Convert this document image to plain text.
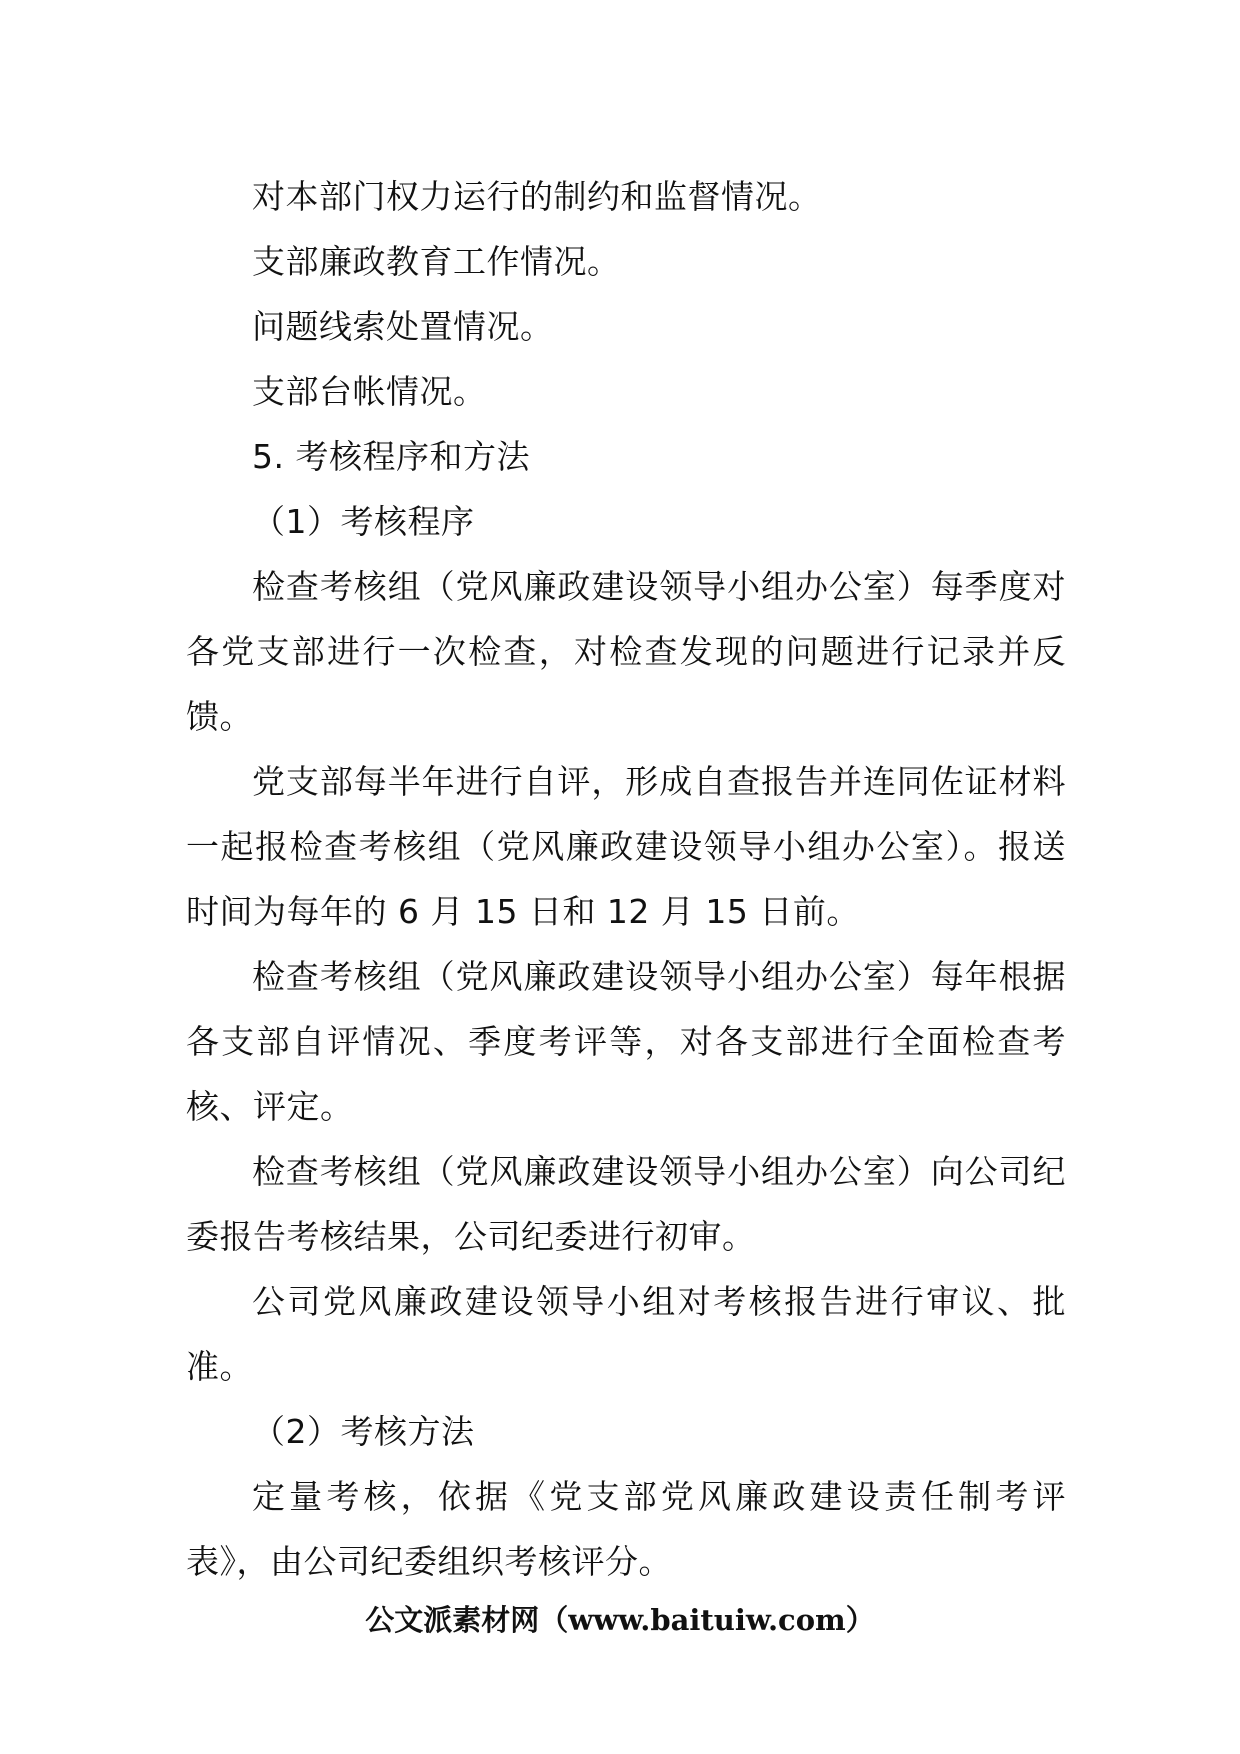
对本部门权力运行的制约和监督情况。

支部廉政教育工作情况。

问题线索处置情况。

支部台帐情况。

5. 考核程序和方法

（1）考核程序

检查考核组（党风廉政建设领导小组办公室）每季度对各党支部进行一次检查，对检查发现的问题进行记录并反馈。

党支部每半年进行自评，形成自查报告并连同佐证材料一起报检查考核组（党风廉政建设领导小组办公室）。报送时间为每年的 6 月 15 日和 12 月 15 日前。

检查考核组（党风廉政建设领导小组办公室）每年根据各支部自评情况、季度考评等，对各支部进行全面检查考核、评定。

检查考核组（党风廉政建设领导小组办公室）向公司纪委报告考核结果，公司纪委进行初审。

公司党风廉政建设领导小组对考核报告进行审议、批准。

（2）考核方法

定量考核，依据《党支部党风廉政建设责任制考评表》，由公司纪委组织考核评分。

公文派素材网（www.baituiw.com）
